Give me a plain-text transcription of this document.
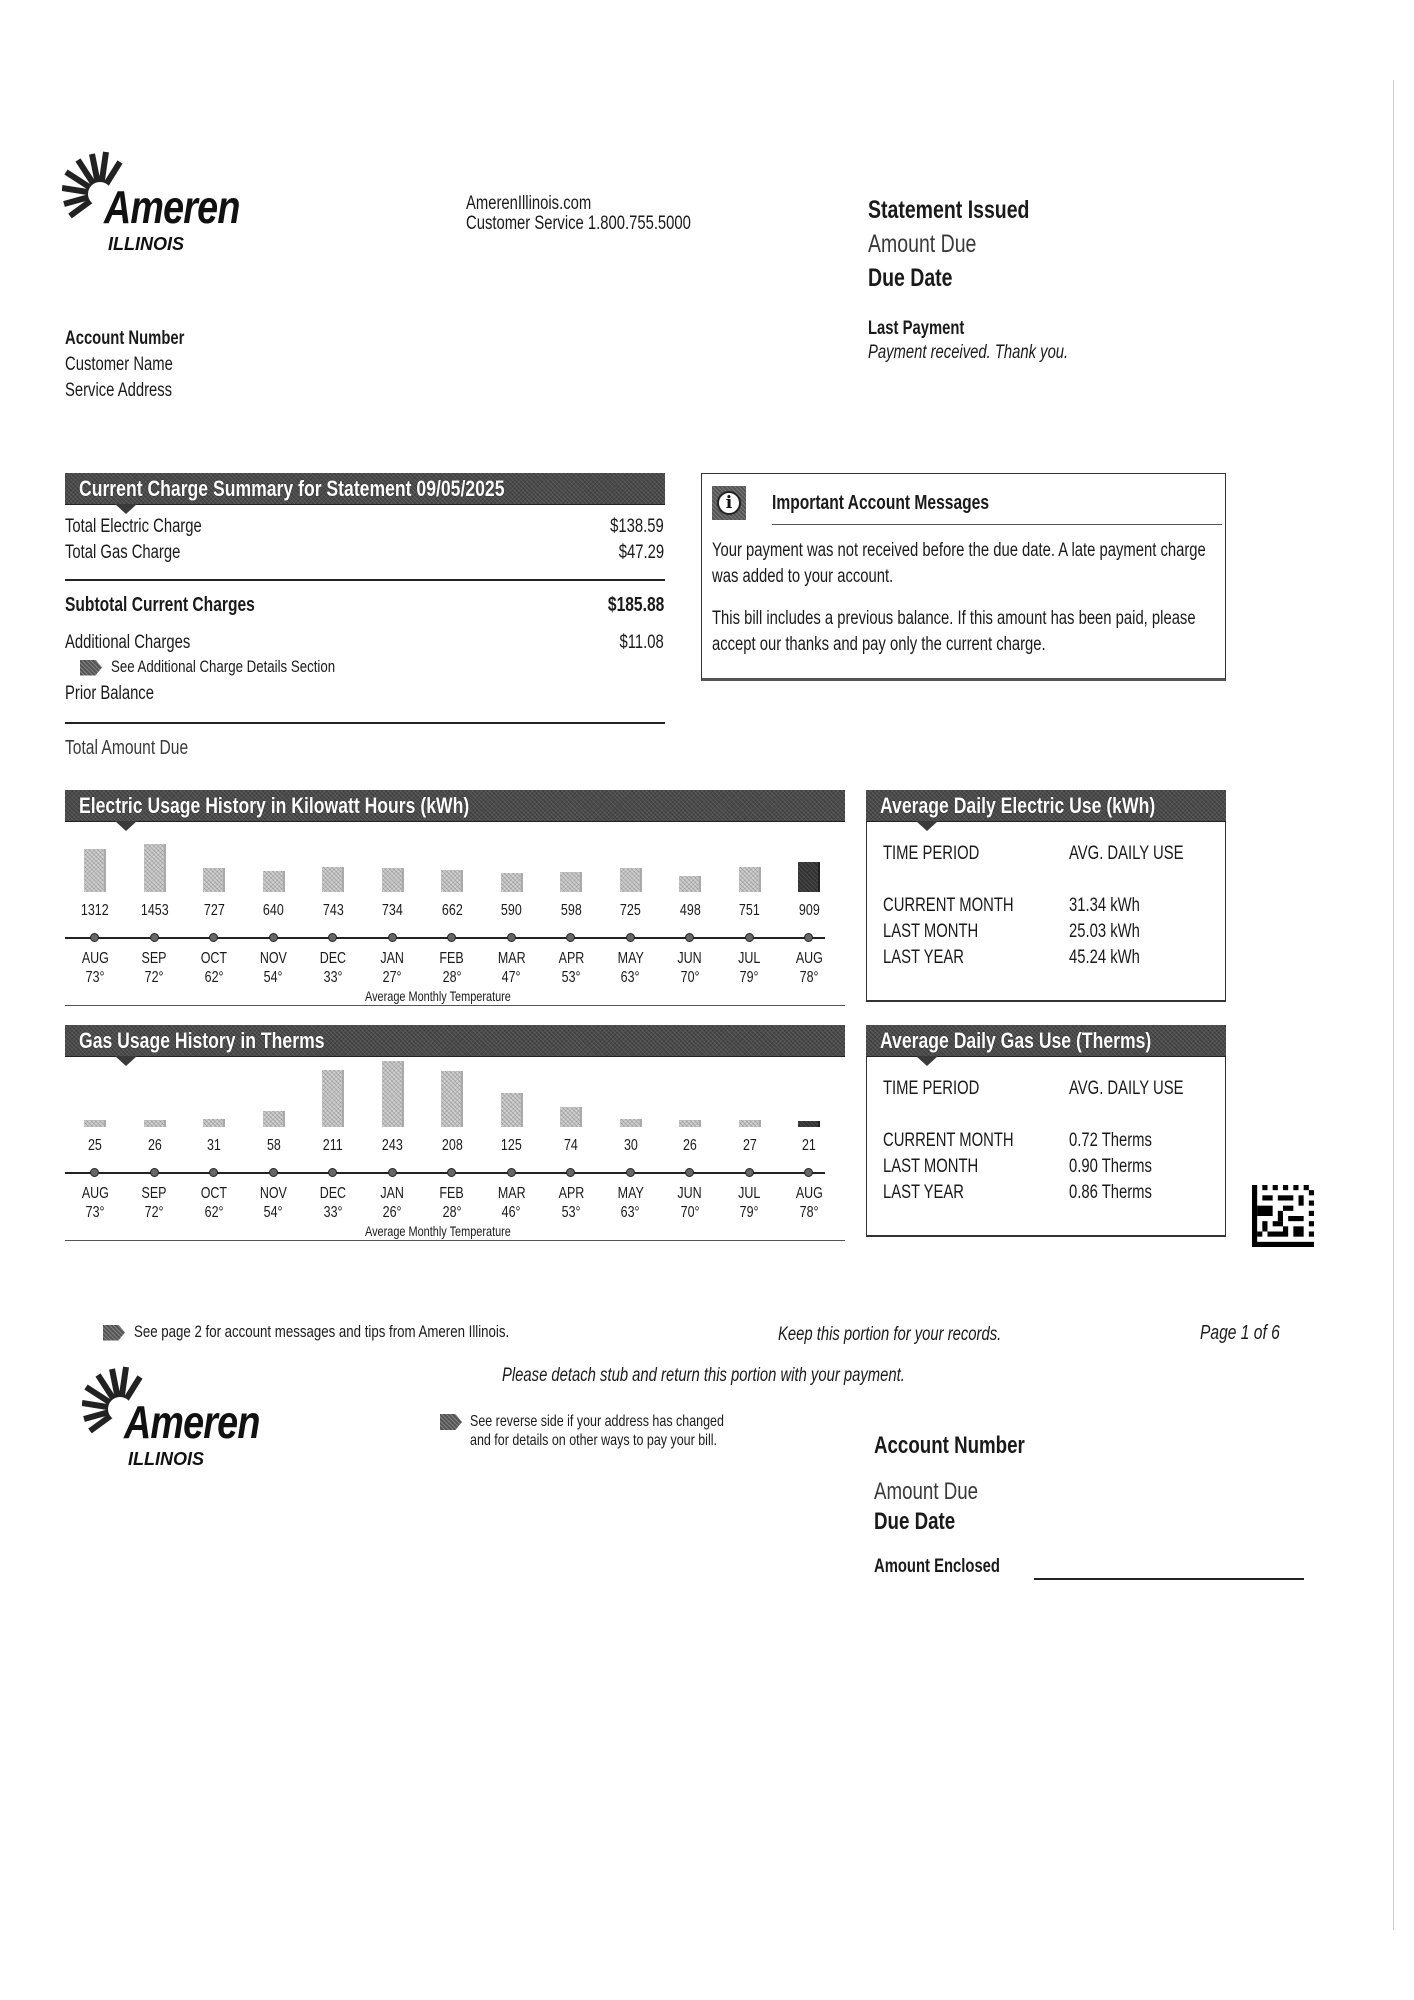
Ameren
ILLINOIS
AmerenIllinois.com
Customer Service 1.800.755.5000	Statement Issued
Amount Due
Due Date
Last Payment
Payment received. Thank you.
Account Number
Customer Name
Service Address
Current Charge Summary for Statement 09/05/2025
Total Electric Charge	$138.59
Total Gas Charge	$47.29
Subtotal Current Charges	$185.88
Additional Charges	$11.08
See Additional Charge Details Section
Prior Balance
Total Amount Due
i	Important Account Messages
Your payment was not received before the due date. A late payment charge was added to your account.
This bill includes a previous balance. If this amount has been paid, please accept our thanks and pay only the current charge.
Electric Usage History in Kilowatt Hours (kWh)
1312
AUG
73°
1453
SEP
72°
727
OCT
62°
640
NOV
54°
743
DEC
33°
734
JAN
27°
662
FEB
28°
590
MAR
47°
598
APR
53°
725
MAY
63°
498
JUN
70°
751
JUL
79°
909
AUG
78°
Average Monthly Temperature
Gas Usage History in Therms
25
AUG
73°
26
SEP
72°
31
OCT
62°
58
NOV
54°
211
DEC
33°
243
JAN
26°
208
FEB
28°
125
MAR
46°
74
APR
53°
30
MAY
63°
26
JUN
70°
27
JUL
79°
21
AUG
78°
Average Monthly Temperature
Average Daily Electric Use (kWh)
TIME PERIOD	AVG. DAILY USE
CURRENT MONTH	31.34 kWh
LAST MONTH	25.03 kWh
LAST YEAR	45.24 kWh
Average Daily Gas Use (Therms)
TIME PERIOD	AVG. DAILY USE
CURRENT MONTH	0.72 Therms
LAST MONTH	0.90 Therms
LAST YEAR	0.86 Therms
See page 2 for account messages and tips from Ameren Illinois.	Keep this portion for your records.	Page 1 of 6
Ameren
ILLINOIS
Please detach stub and return this portion with your payment.

See reverse side if your address has changed
and for details on other ways to pay your bill.	Account Number
Amount Due
Due Date
Amount Enclosed
